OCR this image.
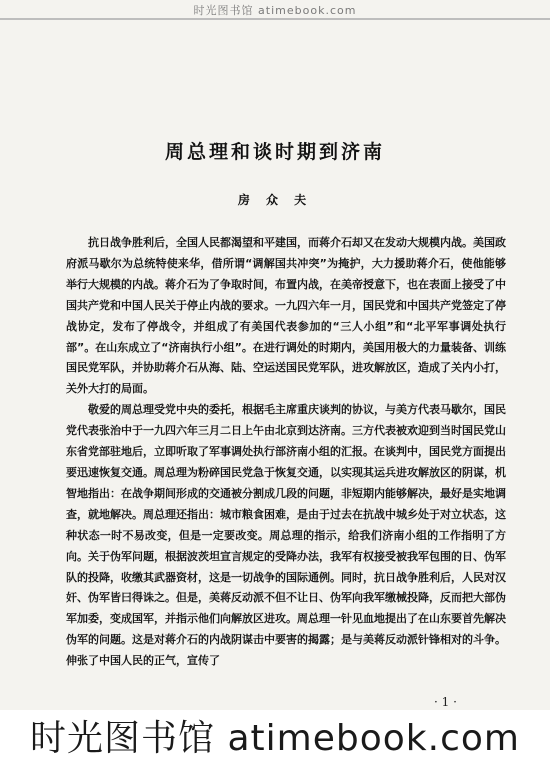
时光图书馆 atimebook.com
周总理和谈时期到济南
房 众 夫

抗日战争胜利后，全国人民都渴望和平建国，而蒋介石却又在发动大规模内战。美国政府派马歇尔为总统特使来华，借所谓“调解国共冲突”为掩护，大力援助蒋介石，使他能够举行大规模的内战。蒋介石为了争取时间，布置内战，在美帝授意下，也在表面上接受了中国共产党和中国人民关于停止内战的要求。一九四六年一月，国民党和中国共产党签定了停战协定，发布了停战令，并组成了有美国代表参加的“三人小组”和“北平军事调处执行部”。在山东成立了“济南执行小组”。在进行调处的时期内，美国用极大的力量装备、训练国民党军队，并协助蒋介石从海、陆、空运送国民党军队，进攻解放区，造成了关内小打，关外大打的局面。

敬爱的周总理受党中央的委托，根据毛主席重庆谈判的协议，与美方代表马歇尔，国民党代表张治中于一九四六年三月二日上午由北京到达济南。三方代表被欢迎到当时国民党山东省党部驻地后，立即听取了军事调处执行部济南小组的汇报。在谈判中，国民党方面提出要迅速恢复交通。周总理为粉碎国民党急于恢复交通，以实现其运兵进攻解放区的阴谋，机智地指出：在战争期间形成的交通被分割成几段的问题，非短期内能够解决，最好是实地调查，就地解决。周总理还指出：城市粮食困难，是由于过去在抗战中城乡处于对立状态，这种状态一时不易改变，但是一定要改变。周总理的指示，给我们济南小组的工作指明了方向。关于伪军问题，根据波茨坦宣言规定的受降办法，我军有权接受被我军包围的日、伪军队的投降，收缴其武器资材，这是一切战争的国际通例。同时，抗日战争胜利后，人民对汉奸、伪军皆曰得诛之。但是，美蒋反动派不但不让日、伪军向我军缴械投降，反而把大部伪军加委，变成国军，并指示他们向解放区进攻。周总理一针见血地提出了在山东要首先解决伪军的问题。这是对蒋介石的内战阴谋击中要害的揭露；是与美蒋反动派针锋相对的斗争。伸张了中国人民的正气，宣传了

· 1 ·
时光图书馆 atimebook.com
